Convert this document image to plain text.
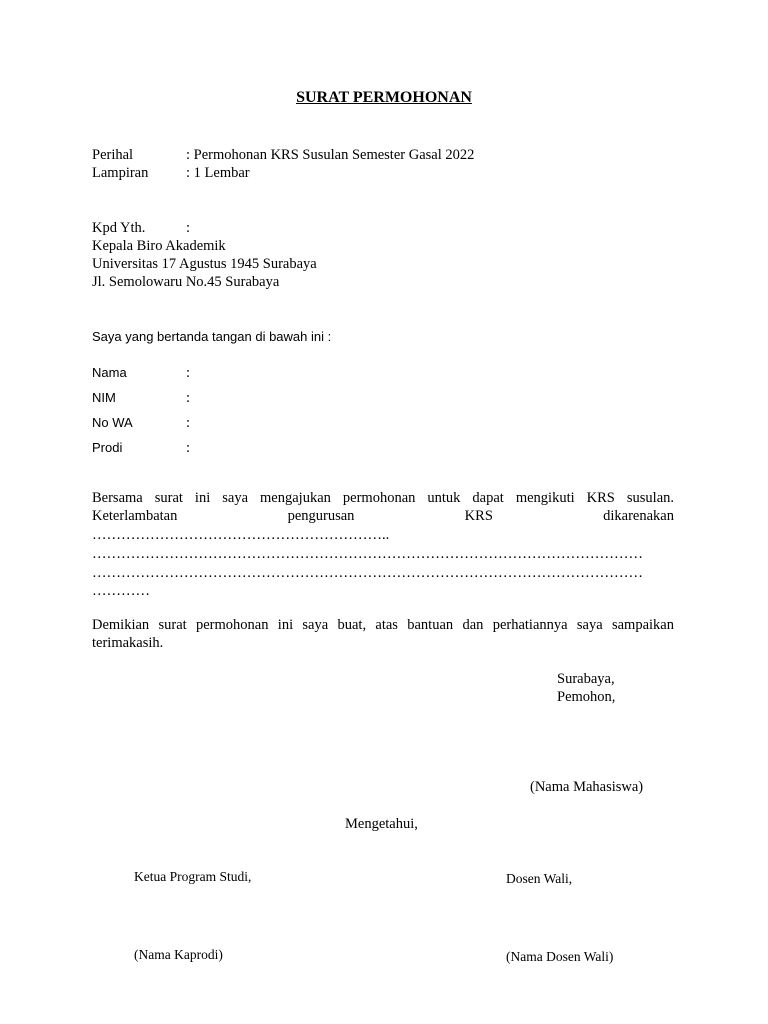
SURAT PERMOHONAN
Perihal	: Permohonan KRS Susulan Semester Gasal 2022
Lampiran	: 1 Lembar
Kpd Yth.	:
Kepala Biro Akademik
Universitas 17 Agustus 1945 Surabaya
Jl. Semolowaru No.45 Surabaya
Saya yang bertanda tangan di bawah ini :
Nama	:
NIM	:
No WA	:
Prodi	:
Bersama surat ini saya mengajukan permohonan untuk dapat mengikuti KRS susulan.
Keterlambatan pengurusan KRS dikarenakan
……………………………………………………..
……………………………………………………………………………………………………
……………………………………………………………………………………………………
…………
Demikian surat permohonan ini saya buat, atas bantuan dan perhatiannya saya sampaikan terimakasih.
Surabaya,
Pemohon,
(Nama Mahasiswa)
Mengetahui,
Ketua Program Studi,	Dosen Wali,
(Nama Kaprodi)	(Nama Dosen Wali)
